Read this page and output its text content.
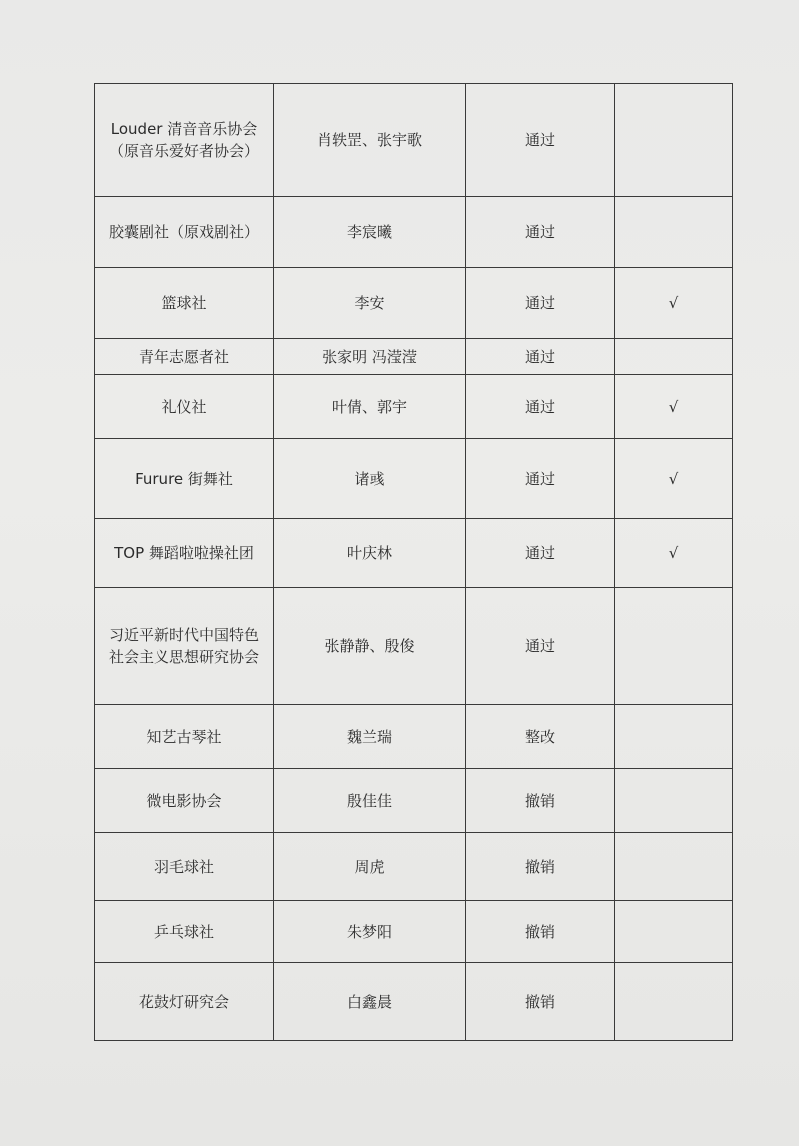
Louder 清音音乐协会
（原音乐爱好者协会）	肖轶罡、张宇歌	通过	

胶囊剧社（原戏剧社）	李宸曦	通过	

篮球社	李安	通过	√

青年志愿者社	张家明 冯滢滢	通过	

礼仪社	叶倩、郭宇	通过	√

Furure 街舞社	诸彧	通过	√

TOP 舞蹈啦啦操社团	叶庆林	通过	√

习近平新时代中国特色
社会主义思想研究协会	张静静、殷俊	通过	

知艺古琴社	魏兰瑞	整改	

微电影协会	殷佳佳	撤销	

羽毛球社	周虎	撤销	

乒乓球社	朱梦阳	撤销	

花鼓灯研究会	白鑫晨	撤销	
